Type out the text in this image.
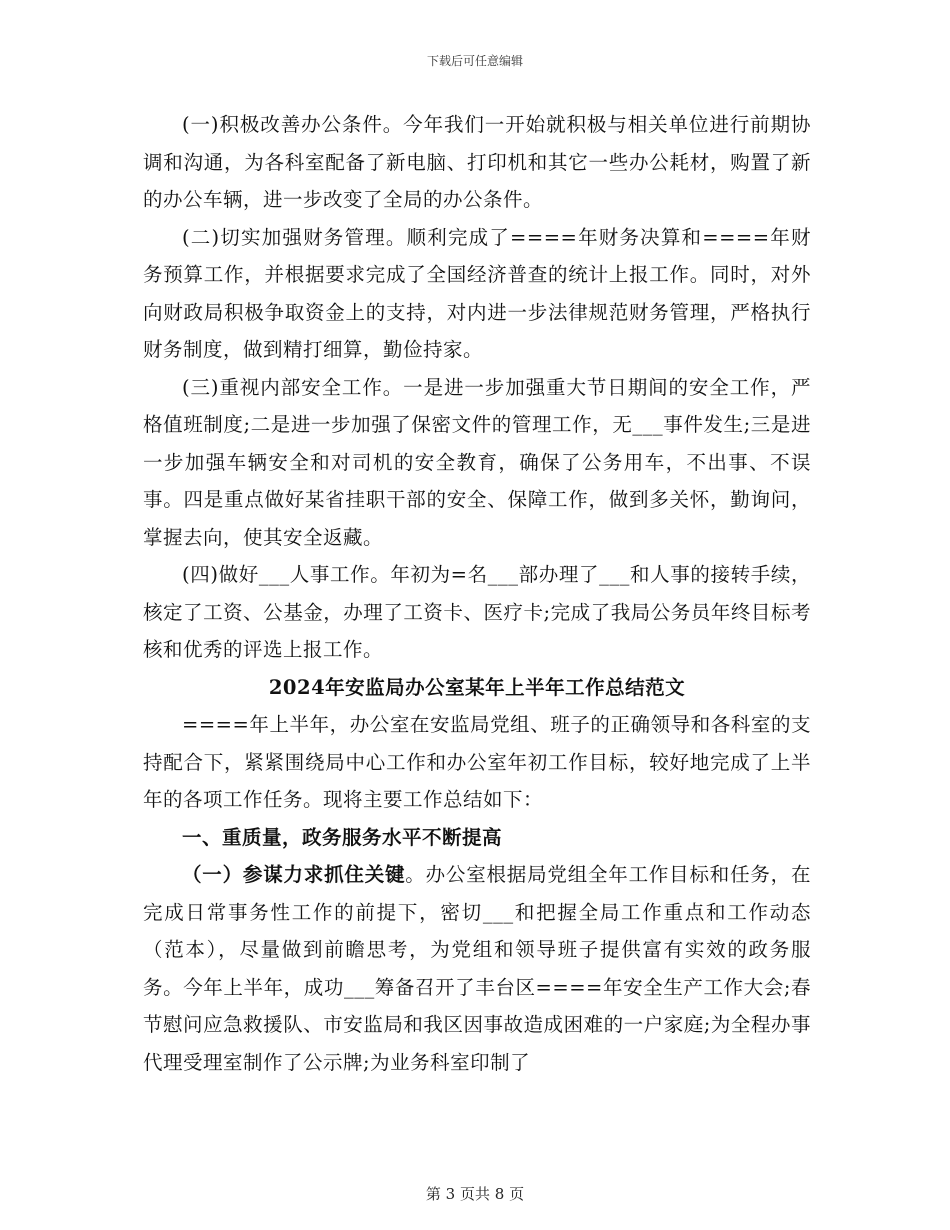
下载后可任意编辑

(一)积极改善办公条件。今年我们一开始就积极与相关单位进行前期协调和沟通，为各科室配备了新电脑、打印机和其它一些办公耗材，购置了新的办公车辆，进一步改变了全局的办公条件。

(二)切实加强财务管理。顺利完成了====年财务决算和====年财务预算工作，并根据要求完成了全国经济普查的统计上报工作。同时，对外向财政局积极争取资金上的支持，对内进一步法律规范财务管理，严格执行财务制度，做到精打细算，勤俭持家。

(三)重视内部安全工作。一是进一步加强重大节日期间的安全工作，严格值班制度;二是进一步加强了保密文件的管理工作，无___事件发生;三是进一步加强车辆安全和对司机的安全教育，确保了公务用车，不出事、不误事。四是重点做好某省挂职干部的安全、保障工作，做到多关怀，勤询问，掌握去向，使其安全返藏。

(四)做好___人事工作。年初为=名___部办理了___和人事的接转手续，核定了工资、公基金，办理了工资卡、医疗卡;完成了我局公务员年终目标考核和优秀的评选上报工作。

2024年安监局办公室某年上半年工作总结范文

====年上半年，办公室在安监局党组、班子的正确领导和各科室的支持配合下，紧紧围绕局中心工作和办公室年初工作目标，较好地完成了上半年的各项工作任务。现将主要工作总结如下：

一、重质量，政务服务水平不断提高

（一）参谋力求抓住关键。办公室根据局党组全年工作目标和任务，在完成日常事务性工作的前提下，密切___和把握全局工作重点和工作动态（范本），尽量做到前瞻思考，为党组和领导班子提供富有实效的政务服务。今年上半年，成功___筹备召开了丰台区====年安全生产工作大会;春节慰问应急救援队、市安监局和我区因事故造成困难的一户家庭;为全程办事代理受理室制作了公示牌;为业务科室印制了

第 3 页共 8 页
